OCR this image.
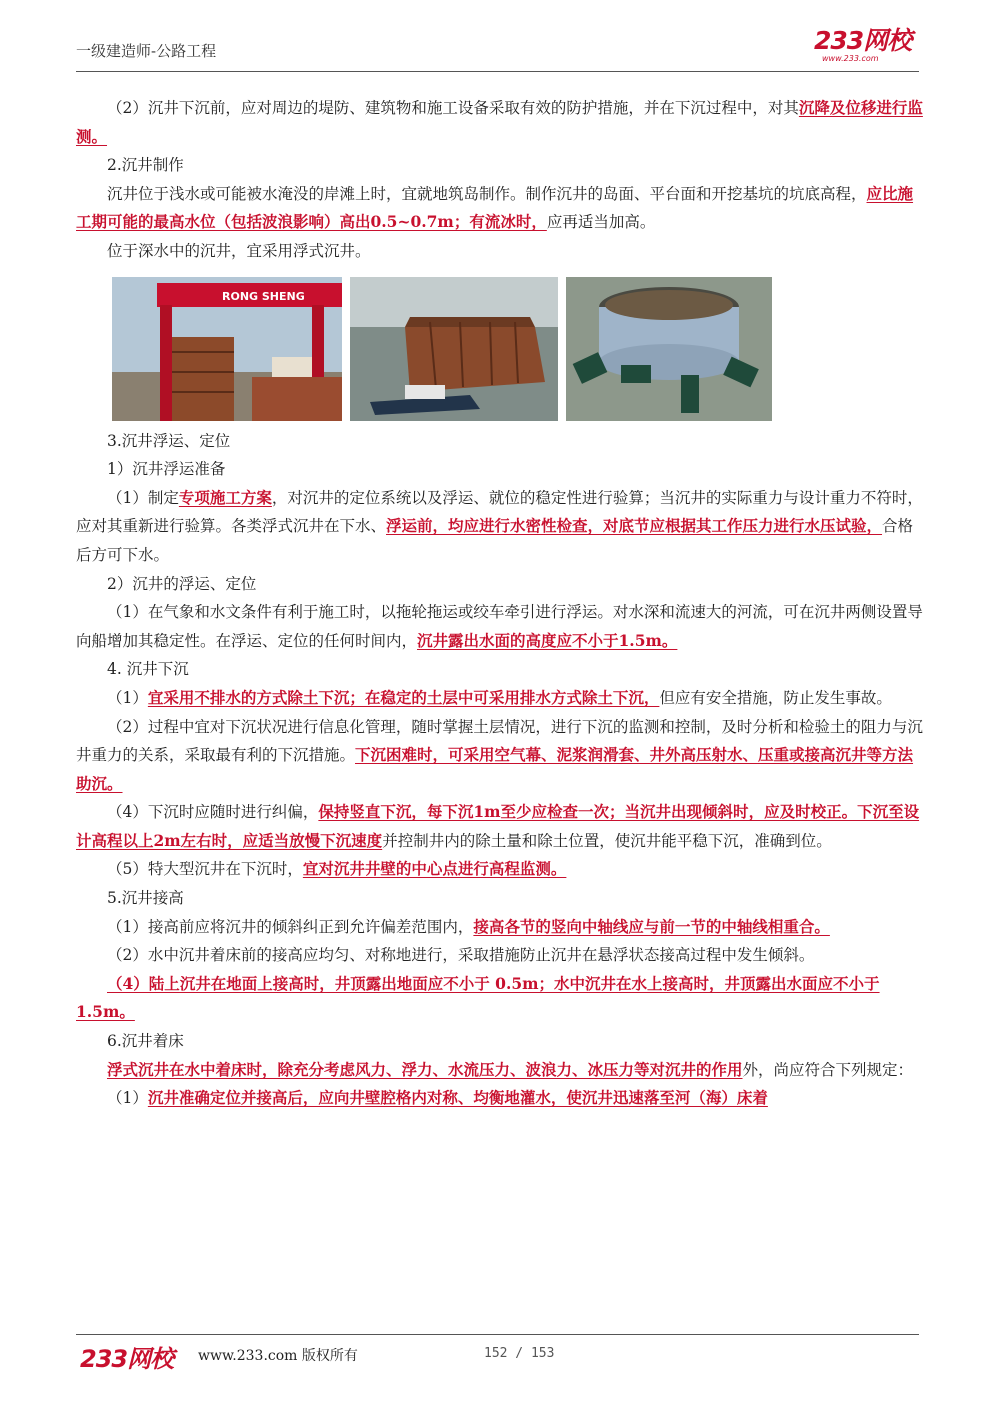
一级建造师-公路工程	233网校
www.233.com

（2）沉井下沉前，应对周边的堤防、建筑物和施工设备采取有效的防护措施，并在下沉过程中，对其沉降及位移进行监测。

2.沉井制作

沉井位于浅水或可能被水淹没的岸滩上时，宜就地筑岛制作。制作沉井的岛面、平台面和开挖基坑的坑底高程，应比施工期可能的最高水位（包括波浪影响）高出0.5~0.7m；有流冰时，应再适当加高。

位于深水中的沉井，宜采用浮式沉井。

RONG SHENG

3.沉井浮运、定位

1）沉井浮运准备

（1）制定专项施工方案，对沉井的定位系统以及浮运、就位的稳定性进行验算；当沉井的实际重力与设计重力不符时，应对其重新进行验算。各类浮式沉井在下水、浮运前，均应进行水密性检查，对底节应根据其工作压力进行水压试验，合格后方可下水。

2）沉井的浮运、定位

（1）在气象和水文条件有利于施工时，以拖轮拖运或绞车牵引进行浮运。对水深和流速大的河流，可在沉井两侧设置导向船增加其稳定性。在浮运、定位的任何时间内，沉井露出水面的高度应不小于1.5m。

4. 沉井下沉

（1）宜采用不排水的方式除土下沉；在稳定的土层中可采用排水方式除土下沉，但应有安全措施，防止发生事故。

（2）过程中宜对下沉状况进行信息化管理，随时掌握土层情况，进行下沉的监测和控制，及时分析和检验土的阻力与沉井重力的关系，采取最有利的下沉措施。下沉困难时，可采用空气幕、泥浆润滑套、井外高压射水、压重或接高沉井等方法助沉。

（4）下沉时应随时进行纠偏，保持竖直下沉，每下沉1m至少应检查一次；当沉井出现倾斜时，应及时校正。下沉至设计高程以上2m左右时，应适当放慢下沉速度并控制井内的除土量和除土位置，使沉井能平稳下沉，准确到位。

（5）特大型沉井在下沉时，宜对沉井井壁的中心点进行高程监测。

5.沉井接高

（1）接高前应将沉井的倾斜纠正到允许偏差范围内，接高各节的竖向中轴线应与前一节的中轴线相重合。

（2）水中沉井着床前的接高应均匀、对称地进行，采取措施防止沉井在悬浮状态接高过程中发生倾斜。

（4）陆上沉井在地面上接高时，井顶露出地面应不小于 0.5m；水中沉井在水上接高时，井顶露出水面应不小于1.5m。

6.沉井着床

浮式沉井在水中着床时，除充分考虑风力、浮力、水流压力、波浪力、冰压力等对沉井的作用外，尚应符合下列规定：

（1）沉井准确定位并接高后，应向井壁腔格内对称、均衡地灌水，使沉井迅速落至河（海）床着

233网校 www.233.com 版权所有	152 / 153
